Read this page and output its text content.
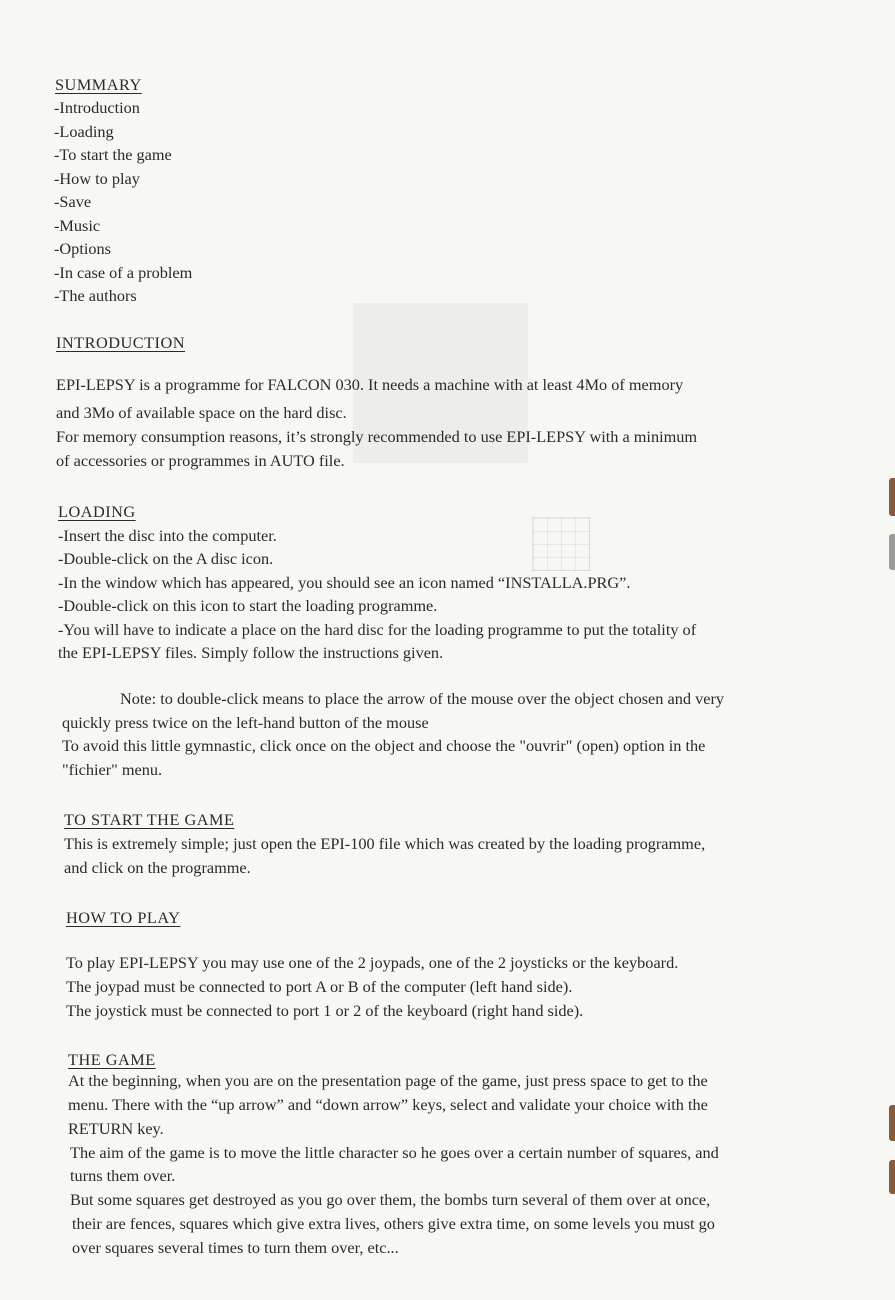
SUMMARY

-Introduction

-Loading

-To start the game

-How to play

-Save

-Music

-Options

-In case of a problem

-The authors

INTRODUCTION

EPI-LEPSY is a programme for FALCON 030. It needs a machine with at least 4Mo of memory

and 3Mo of available space on the hard disc.

For memory consumption reasons, it’s strongly recommended to use EPI-LEPSY with a minimum

of accessories or programmes in AUTO file.

LOADING

-Insert the disc into the computer.

-Double-click on the A disc icon.

-In the window which has appeared, you should see an icon named “INSTALLA.PRG”.

-Double-click on this icon to start the loading programme.

-You will have to indicate a place on the hard disc for the loading programme to put the totality of

the EPI-LEPSY files. Simply follow the instructions given.

Note: to double-click means to place the arrow of the mouse over the object chosen and very

quickly press twice on the left-hand button of the mouse

To avoid this little gymnastic, click once on the object and choose the "ouvrir" (open) option in the

"fichier" menu.

TO START THE GAME

This is extremely simple; just open the EPI-100 file which was created by the loading programme,

and click on the programme.

HOW TO PLAY

To play EPI-LEPSY you may use one of the 2 joypads, one of the 2 joysticks or the keyboard.

The joypad must be connected to port A or B of the computer (left hand side).

The joystick must be connected to port 1 or 2 of the keyboard (right hand side).

THE GAME

At the beginning, when you are on the presentation page of the game, just press space to get to the

menu. There with the “up arrow” and “down arrow” keys, select and validate your choice with the

RETURN key.

The aim of the game is to move the little character so he goes over a certain number of squares, and

turns them over.

But some squares get destroyed as you go over them, the bombs turn several of them over at once,

their are fences, squares which give extra lives, others give extra time, on some levels you must go

over squares several times to turn them over, etc...
